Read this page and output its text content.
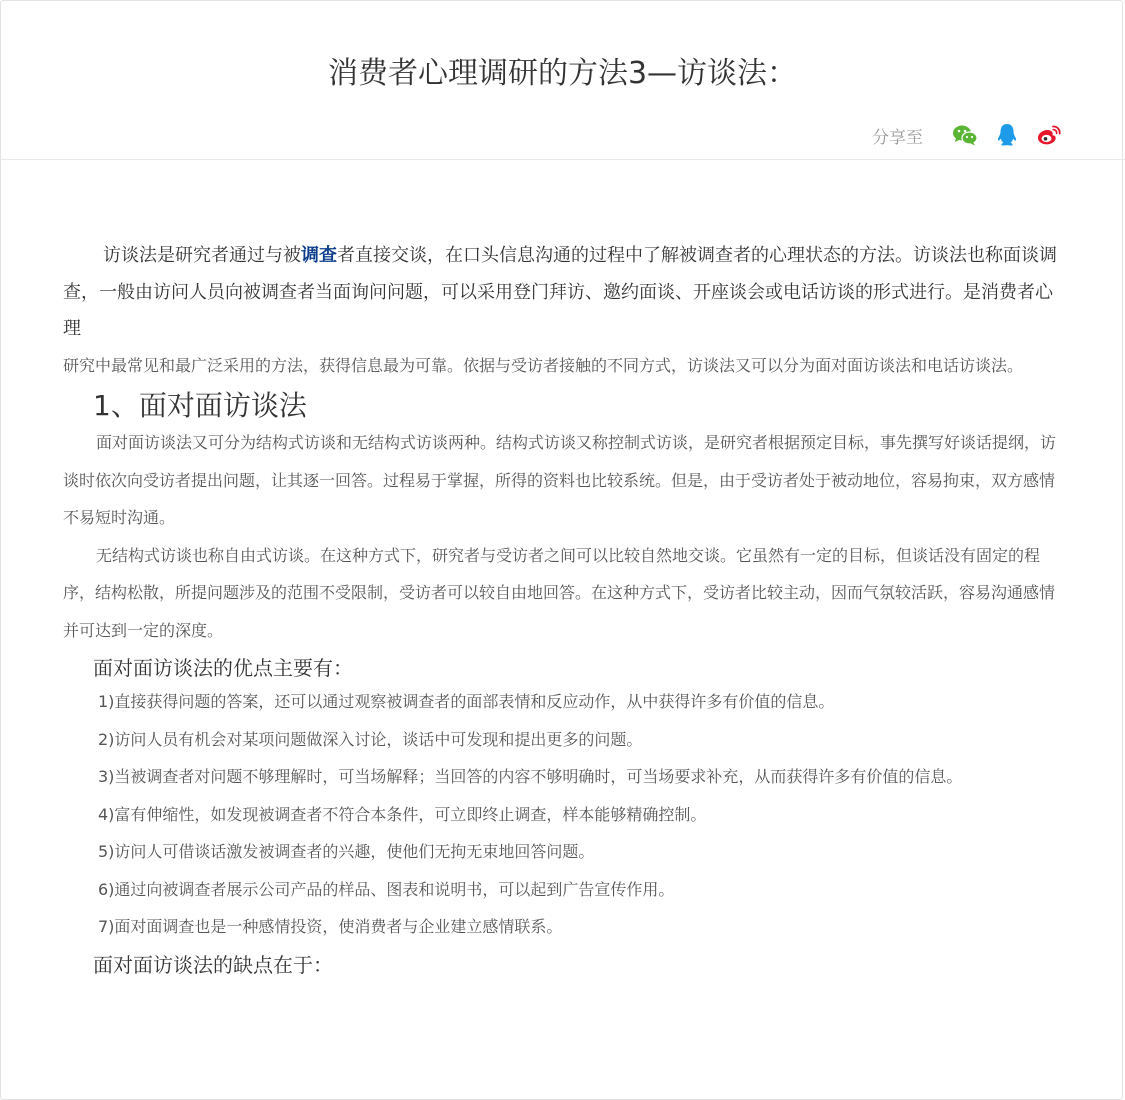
消费者心理调研的方法3—访谈法：
分享至

访谈法是研究者通过与被调查者直接交谈，在口头信息沟通的过程中了解被调查者的心理状态的方法。访谈法也称面谈调查，一般由访问人员向被调查者当面询问问题，可以采用登门拜访、邀约面谈、开座谈会或电话访谈的形式进行。是消费者心理

研究中最常见和最广泛采用的方法，获得信息最为可靠。依据与受访者接触的不同方式，访谈法又可以分为面对面访谈法和电话访谈法。

1、面对面访谈法

面对面访谈法又可分为结构式访谈和无结构式访谈两种。结构式访谈又称控制式访谈，是研究者根据预定目标，事先撰写好谈话提纲，访谈时依次向受访者提出问题，让其逐一回答。过程易于掌握，所得的资料也比较系统。但是，由于受访者处于被动地位，容易拘束，双方感情不易短时沟通。

无结构式访谈也称自由式访谈。在这种方式下，研究者与受访者之间可以比较自然地交谈。它虽然有一定的目标，但谈话没有固定的程序，结构松散，所提问题涉及的范围不受限制，受访者可以较自由地回答。在这种方式下，受访者比较主动，因而气氛较活跃，容易沟通感情并可达到一定的深度。

面对面访谈法的优点主要有：
1)直接获得问题的答案，还可以通过观察被调查者的面部表情和反应动作，从中获得许多有价值的信息。
2)访问人员有机会对某项问题做深入讨论，谈话中可发现和提出更多的问题。
3)当被调查者对问题不够理解时，可当场解释；当回答的内容不够明确时，可当场要求补充，从而获得许多有价值的信息。
4)富有伸缩性，如发现被调查者不符合本条件，可立即终止调查，样本能够精确控制。
5)访问人可借谈话激发被调查者的兴趣，使他们无拘无束地回答问题。
6)通过向被调查者展示公司产品的样品、图表和说明书，可以起到广告宣传作用。
7)面对面调查也是一种感情投资，使消费者与企业建立感情联系。
面对面访谈法的缺点在于：
